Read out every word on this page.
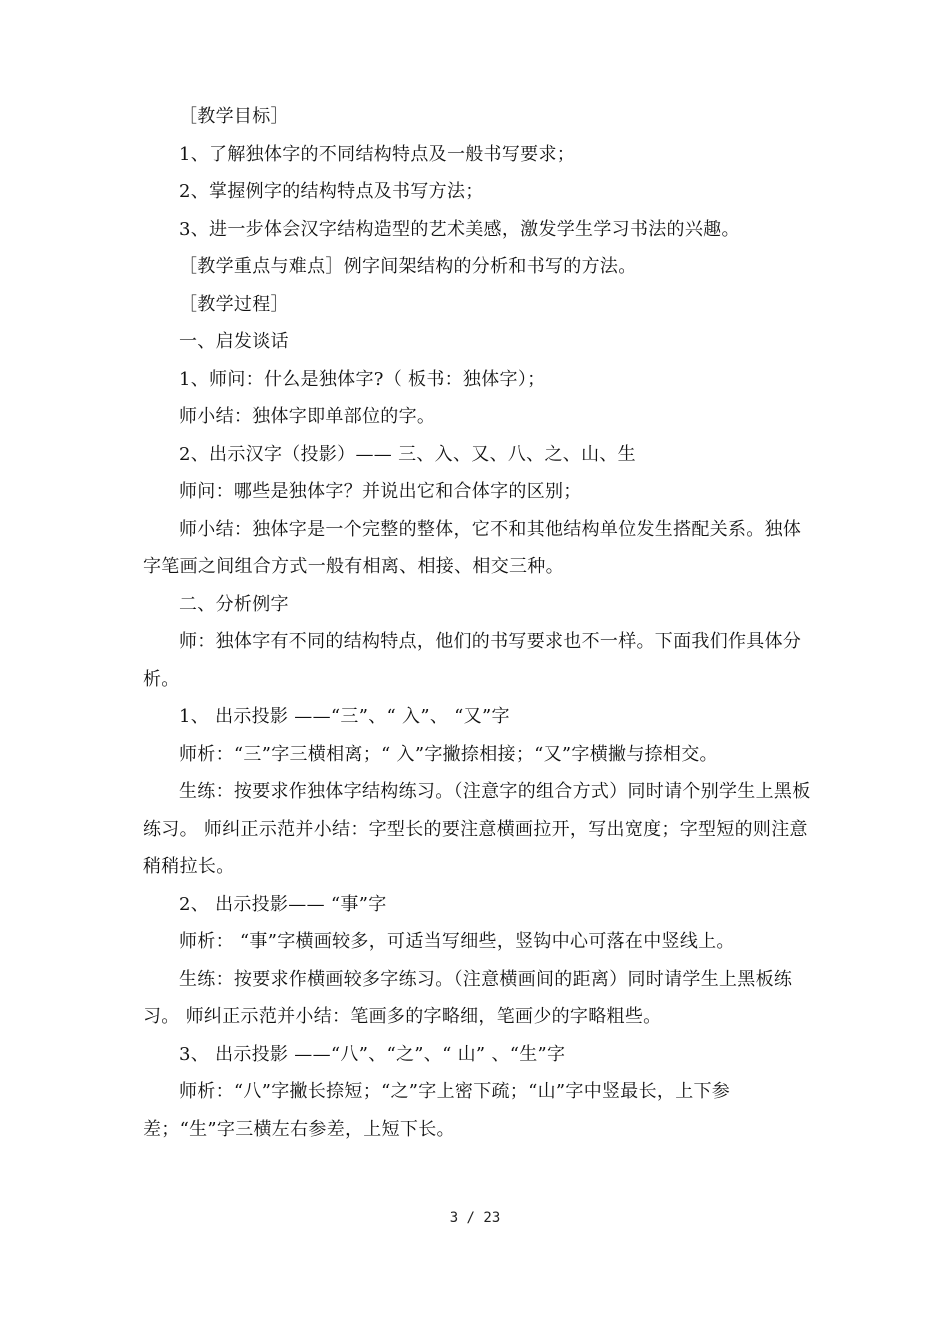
［教学目标］

1、了解独体字的不同结构特点及一般书写要求；

2、掌握例字的结构特点及书写方法；

3、进一步体会汉字结构造型的艺术美感，激发学生学习书法的兴趣。

［教学重点与难点］例字间架结构的分析和书写的方法。

［教学过程］

一、启发谈话

1、师问：什么是独体字?（ 板书：独体字）；

师小结：独体字即单部位的字。

2、出示汉字（投影）—— 三、入、又、八、之、山、生

师问：哪些是独体字？并说出它和合体字的区别；

师小结：独体字是一个完整的整体，它不和其他结构单位发生搭配关系。独体字笔画之间组合方式一般有相离、相接、相交三种。

二、分析例字

师：独体字有不同的结构特点，他们的书写要求也不一样。下面我们作具体分析。

1、 出示投影 ——“三”、“ 入”、 “又”字

师析：“三”字三横相离；“ 入”字撇捺相接；“又”字横撇与捺相交。

生练：按要求作独体字结构练习。（注意字的组合方式）同时请个别学生上黑板练习。 师纠正示范并小结：字型长的要注意横画拉开，写出宽度；字型短的则注意稍稍拉长。

2、 出示投影—— “事”字

师析： “事”字横画较多，可适当写细些，竖钩中心可落在中竖线上。

生练：按要求作横画较多字练习。（注意横画间的距离）同时请学生上黑板练习。 师纠正示范并小结：笔画多的字略细，笔画少的字略粗些。

3、 出示投影 ——“八”、“之”、“ 山” 、“生”字

师析：“八”字撇长捺短；“之”字上密下疏；“山”字中竖最长，上下参差；“生”字三横左右参差，上短下长。

3 / 23
